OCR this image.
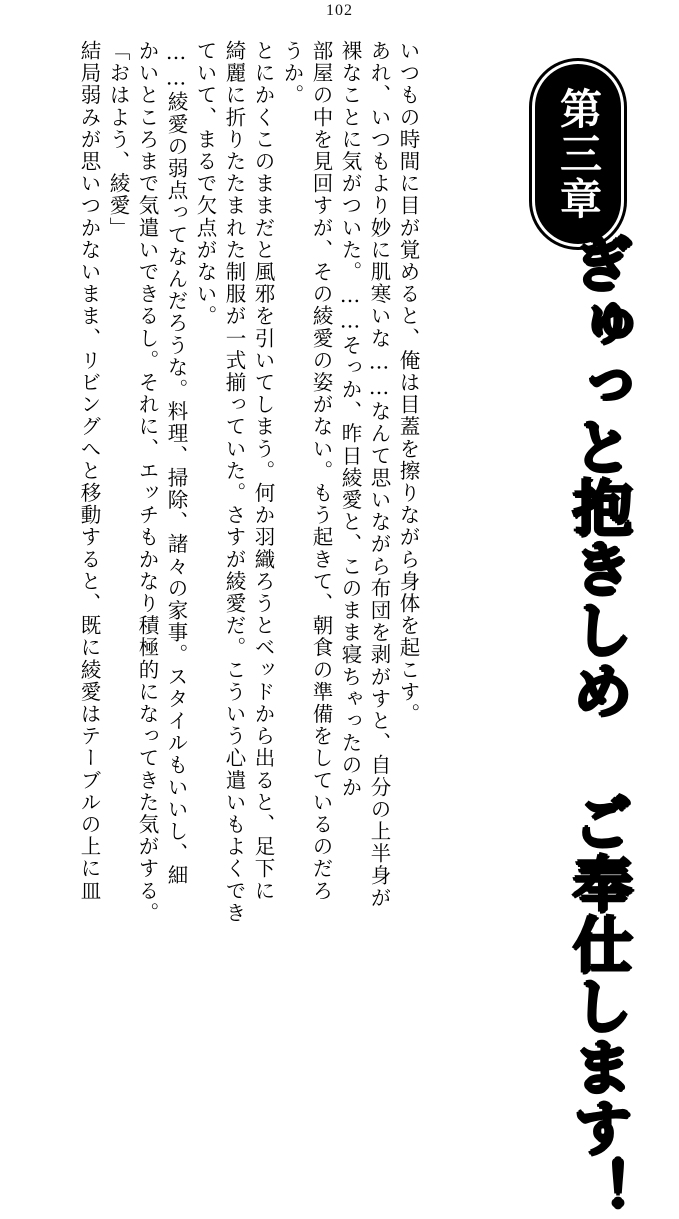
102
第三章
ぎゅっと抱きしめ ご奉仕します！
いつもの時間に目が覚めると、俺は目蓋を擦りながら身体を起こす。
あれ、いつもより妙に肌寒いな……なんて思いながら布団を剥がすと、自分の上半身が
裸なことに気がついた。……そっか、昨日綾愛と、このまま寝ちゃったのか
部屋の中を見回すが、その綾愛の姿がない。もう起きて、朝食の準備をしているのだろ
うか。
とにかくこのままだと風邪を引いてしまう。何か羽織ろうとベッドから出ると、足下に
綺麗に折りたたまれた制服が一式揃っていた。さすが綾愛だ。こういう心遣いもよくでき
ていて、まるで欠点がない。
……綾愛の弱点ってなんだろうな。料理、掃除、諸々の家事。スタイルもいいし、細
かいところまで気遣いできるし。それに、エッチもかなり積極的になってきた気がする。
「おはよう、綾愛」
結局弱みが思いつかないまま、リビングへと移動すると、既に綾愛はテーブルの上に皿
